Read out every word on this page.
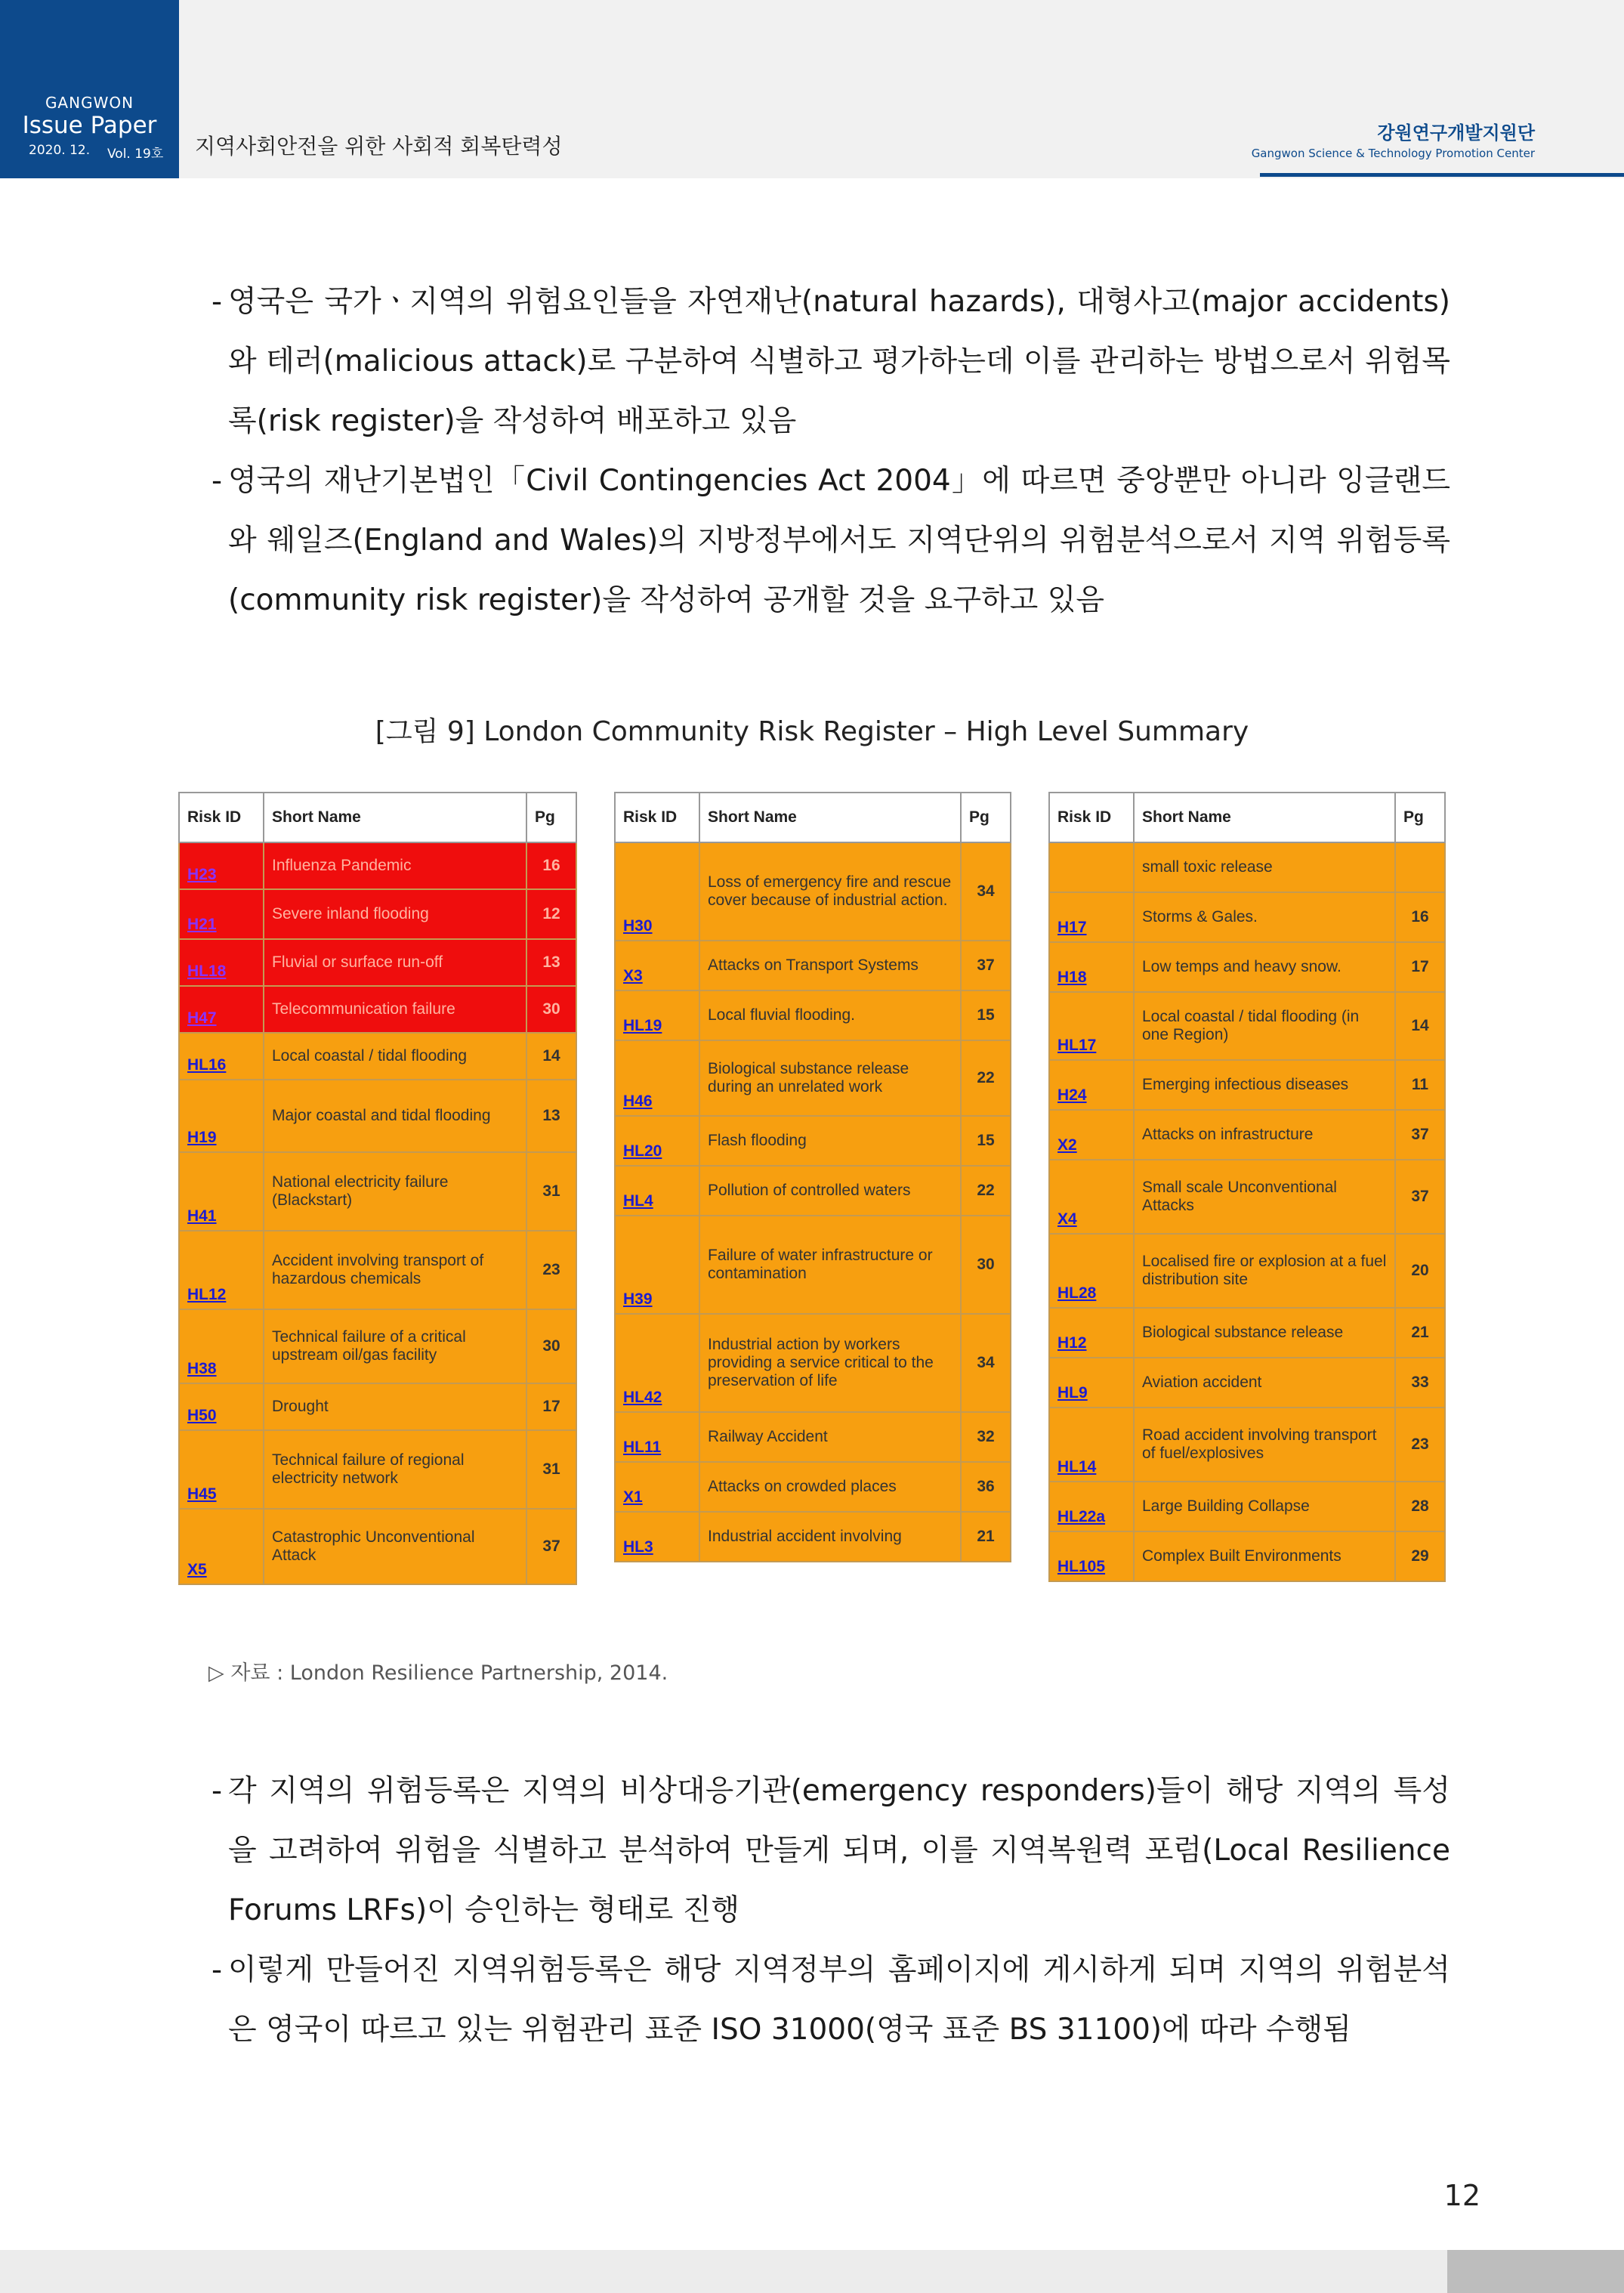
GANGWON
Issue Paper
2020. 12. Vol. 19호 지역사회안전을 위한 사회적 회복탄력성
강원연구개발지원단
Gangwon Science & Technology Promotion Center
- 영국은 국가ㆍ지역의 위험요인들을 자연재난(natural hazards), 대형사고(major accidents)와 테러(malicious attack)로 구분하여 식별하고 평가하는데 이를 관리하는 방법으로서 위험목록(risk register)을 작성하여 배포하고 있음
- 영국의 재난기본법인「Civil Contingencies Act 2004」에 따르면 중앙뿐만 아니라 잉글랜드와 웨일즈(England and Wales)의 지방정부에서도 지역단위의 위험분석으로서 지역 위험등록(community risk register)을 작성하여 공개할 것을 요구하고 있음
[그림 9] London Community Risk Register – High Level Summary
Risk ID	Short Name	Pg
H23	Influenza Pandemic	16
H21	Severe inland flooding	12
HL18	Fluvial or surface run-off	13
H47	Telecommunication failure	30
HL16	Local coastal / tidal flooding	14
H19	Major coastal and tidal flooding	13
H41	National electricity failure (Blackstart)	31
HL12	Accident involving transport of hazardous chemicals	23
H38	Technical failure of a critical upstream oil/gas facility	30
H50	Drought	17
H45	Technical failure of regional electricity network	31
X5	Catastrophic Unconventional Attack	37
Risk ID	Short Name	Pg
H30	Loss of emergency fire and rescue cover because of industrial action.	34
X3	Attacks on Transport Systems	37
HL19	Local fluvial flooding.	15
H46	Biological substance release during an unrelated work	22
HL20	Flash flooding	15
HL4	Pollution of controlled waters	22
H39	Failure of water infrastructure or contamination	30
HL42	Industrial action by workers providing a service critical to the preservation of life	34
HL11	Railway Accident	32
X1	Attacks on crowded places	36
HL3	Industrial accident involving	21
Risk ID	Short Name	Pg
	small toxic release	
H17	Storms & Gales.	16
H18	Low temps and heavy snow.	17
HL17	Local coastal / tidal flooding (in one Region)	14
H24	Emerging infectious diseases	11
X2	Attacks on infrastructure	37
X4	Small scale Unconventional Attacks	37
HL28	Localised fire or explosion at a fuel distribution site	20
H12	Biological substance release	21
HL9	Aviation accident	33
HL14	Road accident involving transport of fuel/explosives	23
HL22a	Large Building Collapse	28
HL105	Complex Built Environments	29
▷ 자료 : London Resilience Partnership, 2014.
- 각 지역의 위험등록은 지역의 비상대응기관(emergency responders)들이 해당 지역의 특성을 고려하여 위험을 식별하고 분석하여 만들게 되며, 이를 지역복원력 포럼(Local Resilience Forums LRFs)이 승인하는 형태로 진행
- 이렇게 만들어진 지역위험등록은 해당 지역정부의 홈페이지에 게시하게 되며 지역의 위험분석은 영국이 따르고 있는 위험관리 표준 ISO 31000(영국 표준 BS 31100)에 따라 수행됨
12
